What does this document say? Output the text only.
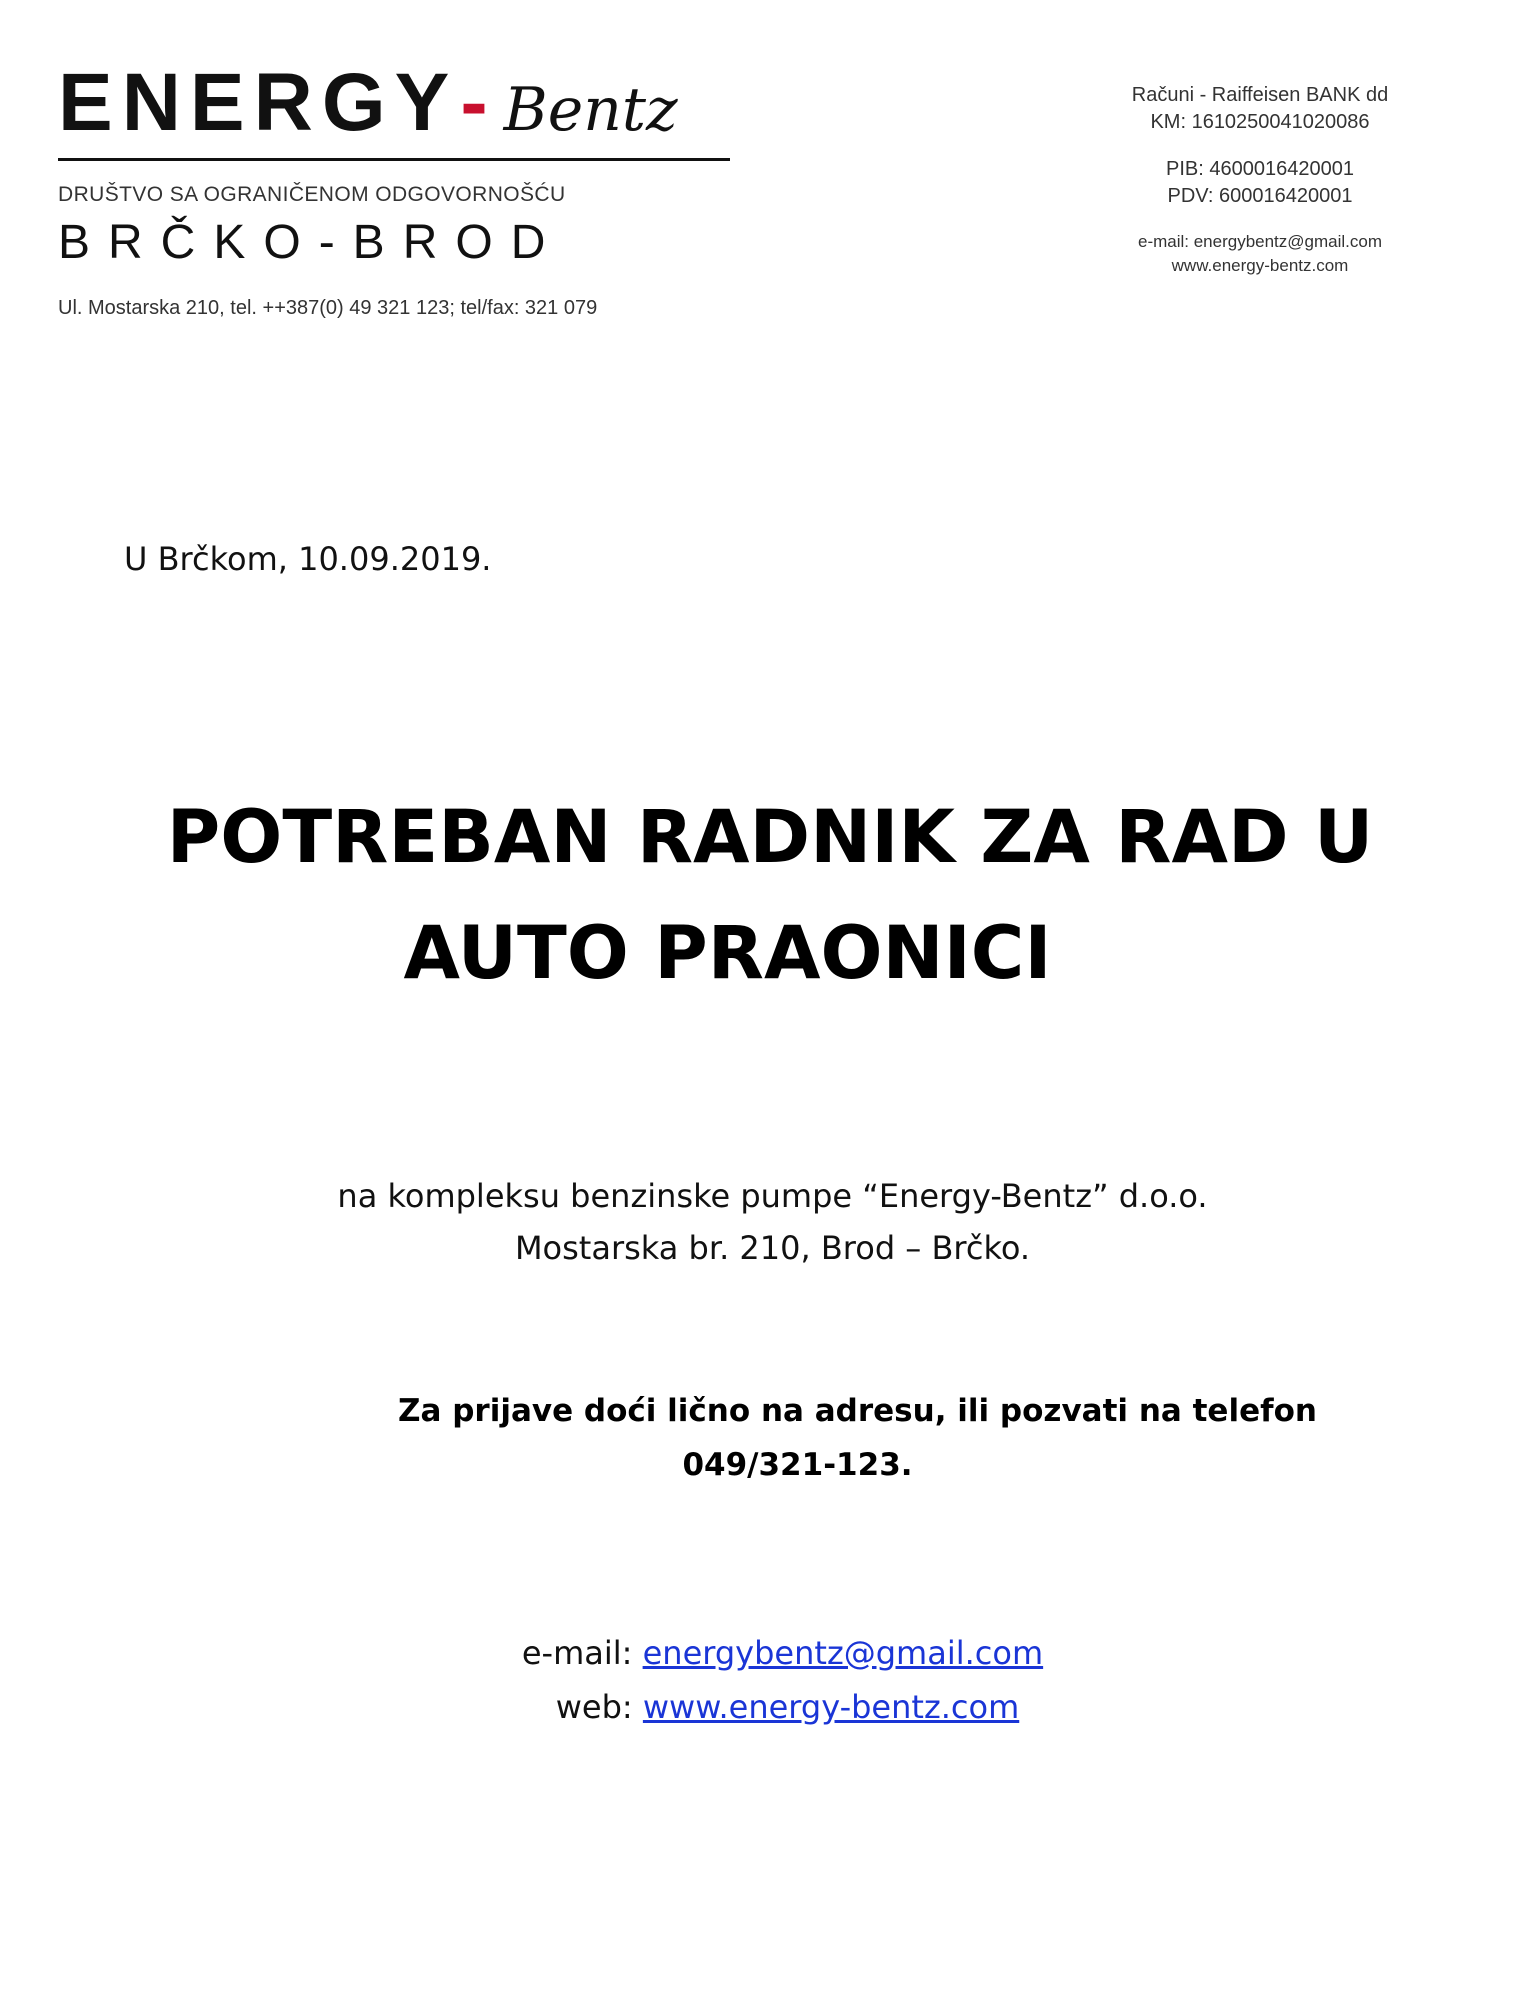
ENERGY - Bentz
DRUŠTVO SA OGRANIČENOM ODGOVORNOŠĆU
BRČKO-BROD
Ul. Mostarska 210, tel. ++387(0) 49 321 123; tel/fax: 321 079
Računi - Raiffeisen BANK dd
KM: 1610250041020086
PIB: 4600016420001
PDV: 600016420001
e-mail: energybentz@gmail.com
www.energy-bentz.com
U Brčkom, 10.09.2019.
POTREBAN RADNIK ZA RAD U
AUTO PRAONICI
na kompleksu benzinske pumpe “Energy-Bentz” d.o.o.
Mostarska br. 210, Brod – Brčko.
Za prijave doći lično na adresu, ili pozvati na telefon
049/321-123.
e-mail: energybentz@gmail.com
web: www.energy-bentz.com
